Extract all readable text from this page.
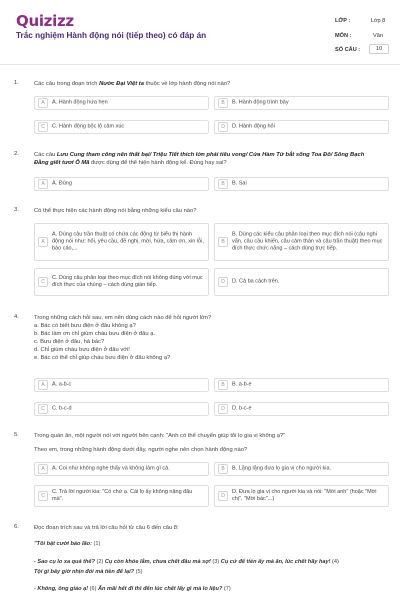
Quizizz
Trắc nghiệm Hành động nói (tiếp theo) có đáp án
LỚP :	Lớp 8
MÔN :	Văn
SỐ CÂU :	10
1.	Các câu trong đoạn trích Nước Đại Việt ta thuộc về lớp hành động nói nào?
A	A. Hành động hứa hẹn	B	B. Hành động trình bày
C	C. Hành động bộc lộ cảm xúc	D	D. Hành động hỏi
2.	Các câu Lưu Cung tham công nên thất bại/ Triệu Tiết thích lớn phải tiêu vong/ Cửa Hàm Tử bắt sống Toa Đô/ Sông Bạch Đằng giết tươi Ô Mã được dùng để thể hiện hành động kể. Đúng hay sai?
A	A. Đúng	B	B. Sai
3.	Có thể thực hiện các hành động nói bằng những kiểu câu nào?
A
A. Dùng câu trần thuật có chứa các động từ biểu thị hành động nói như: hỏi, yêu cầu, đề nghị, mời, hứa, cảm ơn, xin lỗi, báo cáo,...
B
B. Dùng các kiểu câu phân loại theo mục đích nói (câu nghi vấn, câu cầu khiến, câu cảm thán và câu trần thuật) theo mục đích thực chức năng – cách dùng trực tiếp.
C
C. Dùng câu phân loại theo mục đích nói không đúng với mục đích thực của chúng – cách dùng gián tiếp.	D	D. Cả ba cách trên.
4.	Trong những cách hỏi sau, em nên dùng cách nào để hỏi người lớn?
a. Bác có biết bưu điện ở đâu không ạ?
b. Bác làm ơn chỉ giùm cháu bưu điện ở đâu ạ.
c. Bưu điện ở đâu, hả bác?
d. Chỉ giùm cháu bưu điện ở đâu với!
e. Bác có thể chỉ giúp cháu bưu điện ở đâu không ạ?
A	A. a-b-c	B	B. a-b-e
C	C. b-c-d	D	D. b-c-e
5.	Trong quán ăn, một người nói với người bên cạnh: "Anh có thể chuyển giúp tôi lọ gia vị không ạ?"
Theo em, trong những hành động dưới đây, người nghe nên chọn hành động nào?
A	A. Coi như không nghe thấy và không làm gì cả.	B	B. Lặng lặng đưa lọ gia vị cho người kia.
C
C. Trả lời người kia: "Có chứ ạ. Cái lọ ấy không nặng đâu mà".	D
D. Đưa lọ gia vị cho người kia và nói: "Mời anh" (hoặc "Mời chị", "Mời bác"...)
6.	Đọc đoạn trích sau và trả lời câu hỏi từ câu 6 đến câu 8:
"Tôi bật cười bảo lão: (1)
- Sao cụ lo xa quá thế? (2) Cụ còn khỏe lắm, chưa chết đâu mà sợ! (3) Cụ cứ để tiền ấy mà ăn, lúc chết hãy hay! (4)
Tội gì bây giờ nhịn đói mà tiền để lại? (5)
- Không, ông giáo ạ! (6) Ăn mãi hết đi thì đến lúc chết lấy gì mà lo liệu? (7)
